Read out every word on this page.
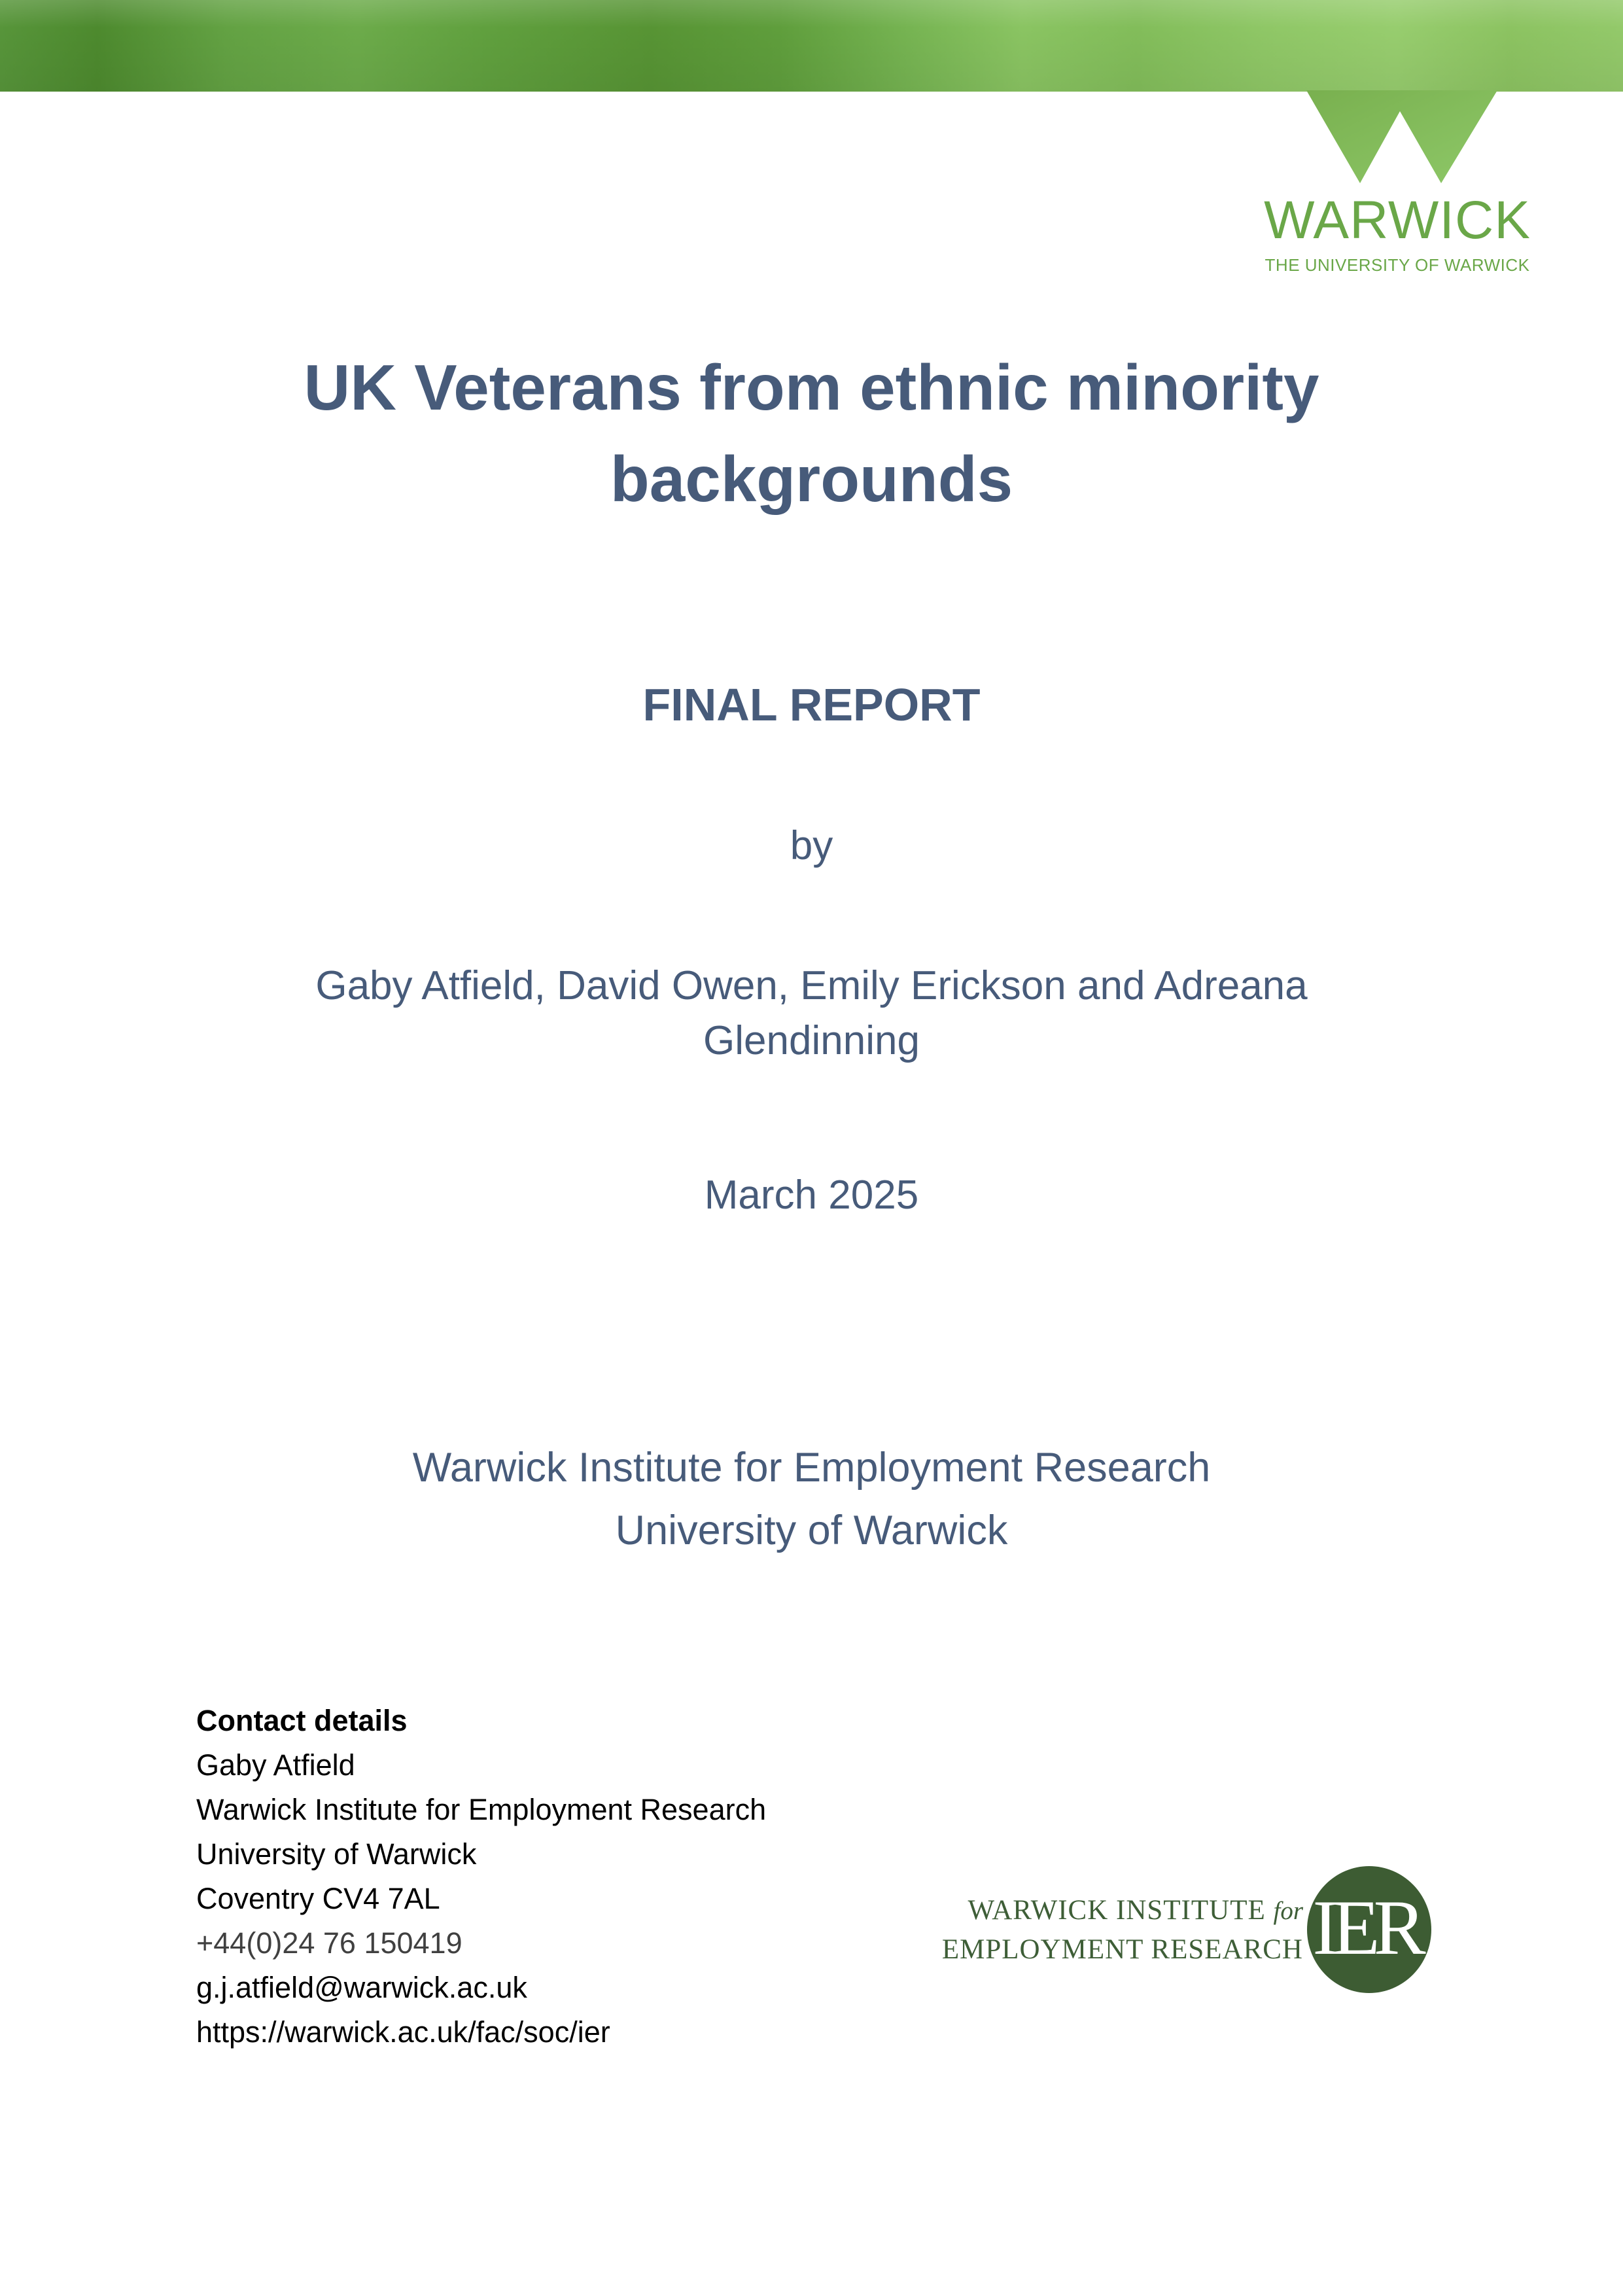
WARWICK
THE UNIVERSITY OF WARWICK
UK Veterans from ethnic minority
backgrounds
FINAL REPORT
by
Gaby Atfield, David Owen, Emily Erickson and Adreana
Glendinning
March 2025
Warwick Institute for Employment Research
University of Warwick
Contact details
Gaby Atfield
Warwick Institute for Employment Research
University of Warwick
Coventry CV4 7AL
+44(0)24 76 150419
g.j.atfield@warwick.ac.uk
https://warwick.ac.uk/fac/soc/ier
WARWICK INSTITUTE for
EMPLOYMENT RESEARCH IER
